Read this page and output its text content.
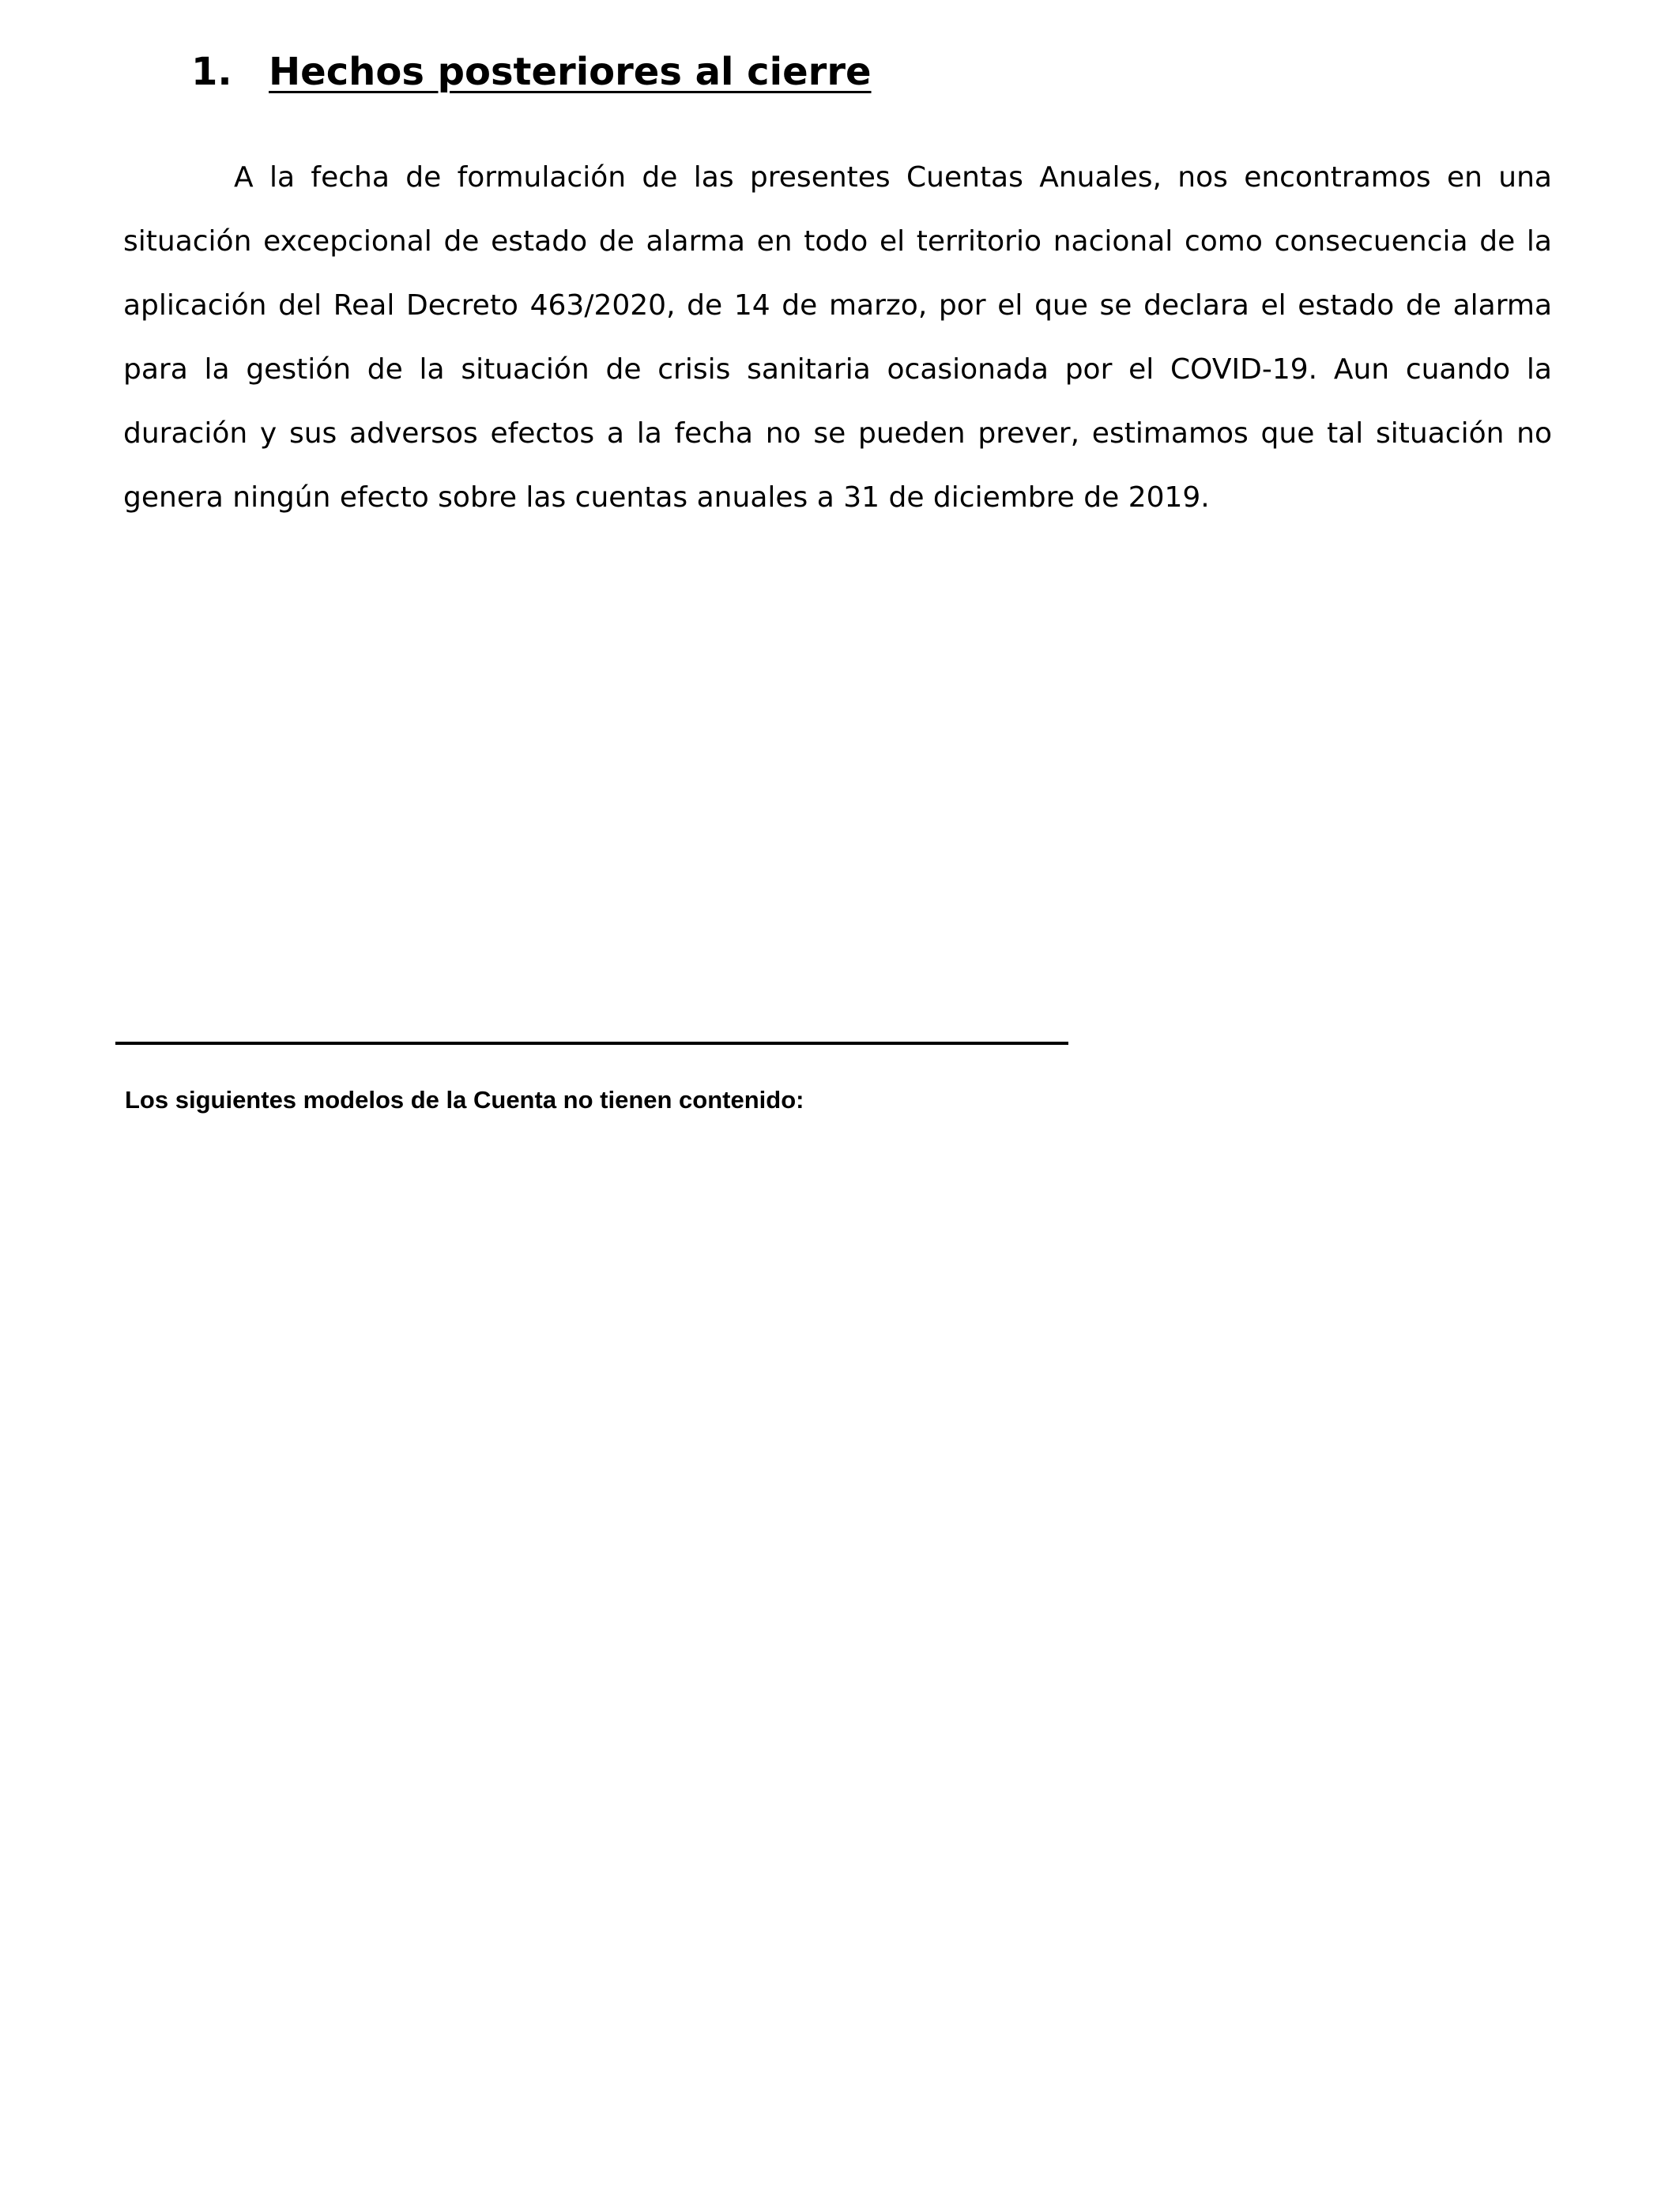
1. Hechos posteriores al cierre

A la fecha de formulación de las presentes Cuentas Anuales, nos encontramos en una situación excepcional de estado de alarma en todo el territorio nacional como consecuencia de la aplicación del Real Decreto 463/2020, de 14 de marzo, por el que se declara el estado de alarma para la gestión de la situación de crisis sanitaria ocasionada por el COVID-19. Aun cuando la duración y sus adversos efectos a la fecha no se pueden prever, estimamos que tal situación no genera ningún efecto sobre las cuentas anuales a 31 de diciembre de 2019.

Los siguientes modelos de la Cuenta no tienen contenido:
